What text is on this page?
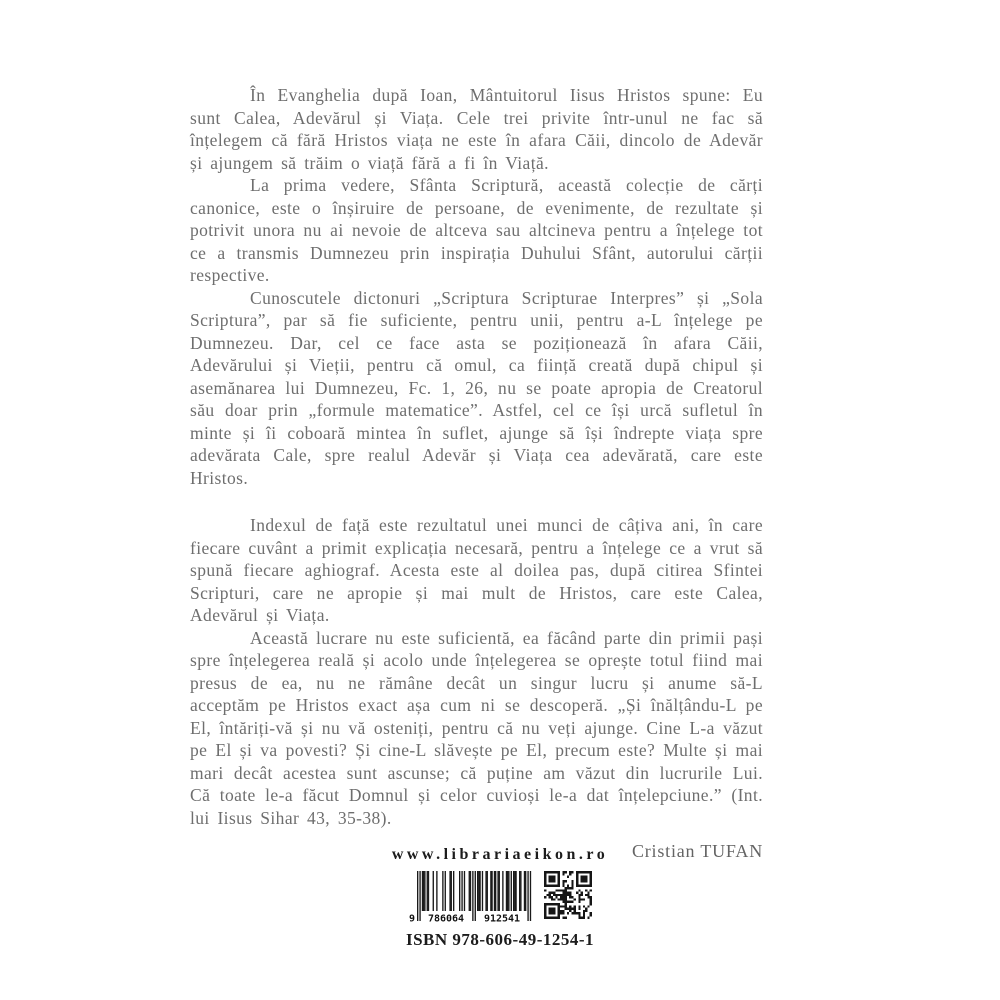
În Evanghelia după Ioan, Mântuitorul Iisus Hristos spune: Eu sunt Calea, Adevărul și Viața. Cele trei privite într-unul ne fac să înțelegem că fără Hristos viața ne este în afara Căii, dincolo de Adevăr și ajungem să trăim o viață fără a fi în Viață.

La prima vedere, Sfânta Scriptură, această colecție de cărți canonice, este o înșiruire de persoane, de evenimente, de rezultate și potrivit unora nu ai nevoie de altceva sau altcineva pentru a înțelege tot ce a transmis Dumnezeu prin inspirația Duhului Sfânt, autorului cărții respective.

Cunoscutele dictonuri „Scriptura Scripturae Interpres” și „Sola Scriptura”, par să fie suficiente, pentru unii, pentru a-L înțelege pe Dumnezeu. Dar, cel ce face asta se poziționează în afara Căii, Adevărului și Vieții, pentru că omul, ca ființă creată după chipul și asemănarea lui Dumnezeu, Fc. 1, 26, nu se poate apropia de Creatorul său doar prin „formule matematice”. Astfel, cel ce își urcă sufletul în minte și îi coboară mintea în suflet, ajunge să își îndrepte viața spre adevărata Cale, spre realul Adevăr și Viața cea adevărată, care este Hristos.

Indexul de față este rezultatul unei munci de câțiva ani, în care fiecare cuvânt a primit explicația necesară, pentru a înțelege ce a vrut să spună fiecare aghiograf. Acesta este al doilea pas, după citirea Sfintei Scripturi, care ne apropie și mai mult de Hristos, care este Calea, Adevărul și Viața.

Această lucrare nu este suficientă, ea făcând parte din primii pași spre înțelegerea reală și acolo unde înțelegerea se oprește totul fiind mai presus de ea, nu ne rămâne decât un singur lucru și anume să-L acceptăm pe Hristos exact așa cum ni se descoperă. „Și înălțându-L pe El, întăriți-vă și nu vă osteniți, pentru că nu veți ajunge. Cine L-a văzut pe El și va povesti? Și cine-L slăvește pe El, precum este? Multe și mai mari decât acestea sunt ascunse; că puține am văzut din lucrurile Lui. Că toate le-a făcut Domnul și celor cuvioși le-a dat înțelepciune.” (Int. lui Iisus Sihar 43, 35-38).

Cristian TUFAN
www.librariaeikon.ro
9 786064 912541
ISBN 978-606-49-1254-1
